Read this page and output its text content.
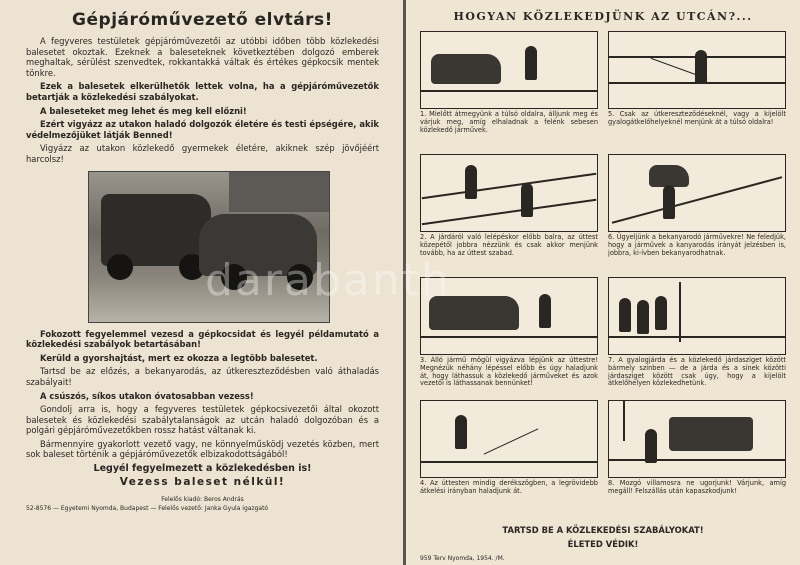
Gépjáróművezető elvtárs!

A fegyveres testületek gépjáróművezetői az utóbbi időben több közlekedési balesetet okoztak. Ezeknek a baleseteknek következtében dolgozó emberek meghaltak, sérülést szenvedtek, rokkantakká váltak és értékes gépkocsik mentek tönkre.

Ezek a balesetek elkerülhetők lettek volna, ha a gépjáróművezetők betartják a közlekedési szabályokat.

A baleseteket meg lehet és meg kell előzni!

Ezért vigyázz az utakon haladó dolgozók életére és testi épségére, akik védelmezőjüket látják Benned!

Vigyázz az utakon közlekedő gyermekek életére, akiknek szép jövőjéért harcolsz!

Fokozott fegyelemmel vezesd a gépkocsidat és legyél példamutató a közlekedési szabályok betartásában!

Kerüld a gyorshajtást, mert ez okozza a legtöbb balesetet.

Tartsd be az előzés, a bekanyarodás, az útkereszteződésben való áthaladás szabályait!

A csúszós, síkos utakon óvatosabban vezess!

Gondolj arra is, hogy a fegyveres testületek gépkocsivezetői által okozott balesetek és közlekedési szabálytalanságok az utcán haladó dolgozóban és a polgári gépjáróművezetőkben rossz hatást váltanak ki.

Bármennyire gyakorlott vezető vagy, ne könnyelműsködj vezetés közben, mert sok baleset történik a gépjáróművezetők elbizakodottságából!

Legyél fegyelmezett a közlekedésben is!
Vezess baleset nélkül!
Felelős kiadó: Beros András
52-8576 — Egyetemi Nyomda, Budapest — Felelős vezető: Janka Gyula igazgató
HOGYAN KÖZLEKEDJÜNK AZ UTCÁN?...
1. Mielőtt átmegyünk a túlsó oldalra, álljunk meg és várjuk meg, amíg elhaladnak a felénk sebesen közlekedő járművek.
5. Csak az útkereszteződéseknél, vagy a kijelölt gyalogátkelőhelyeknél menjünk át a túlsó oldalra!
2. A járdáról való lelépéskor előbb balra, az úttest közepétől jobbra nézzünk és csak akkor menjünk tovább, ha az úttest szabad.
6. Ügyeljünk a bekanyarodó járművekre! Ne feledjük, hogy a járművek a kanyarodás irányát jelzésben is, jobbra, ki-ívben bekanyarodhatnak.
3. Álló jármű mögül vigyázva lépjünk az úttestre! Megnézük néhány lépéssel előbb és úgy haladjunk át, hogy láthassuk a közlekedő járműveket és azok vezetői is láthassanak bennünket!
7. A gyalogjárda és a közlekedő járdasziget között bármely színben — de a járda és a sínek közötti járdasziget között csak úgy, hogy a kijelölt átkelőhelyen közlekedhetünk.
4. Az úttesten mindig derékszögben, a legrövidebb átkelési irányban haladjunk át.
8. Mozgó villamosra ne ugorjunk! Várjunk, amíg megáll! Felszállás után kapaszkodjunk!
TARTSD BE A KÖZLEKEDÉSI SZABÁLYOKAT!
ÉLETED VÉDIK!
959 Terv Nyomda, 1954. /M.
darabanth
